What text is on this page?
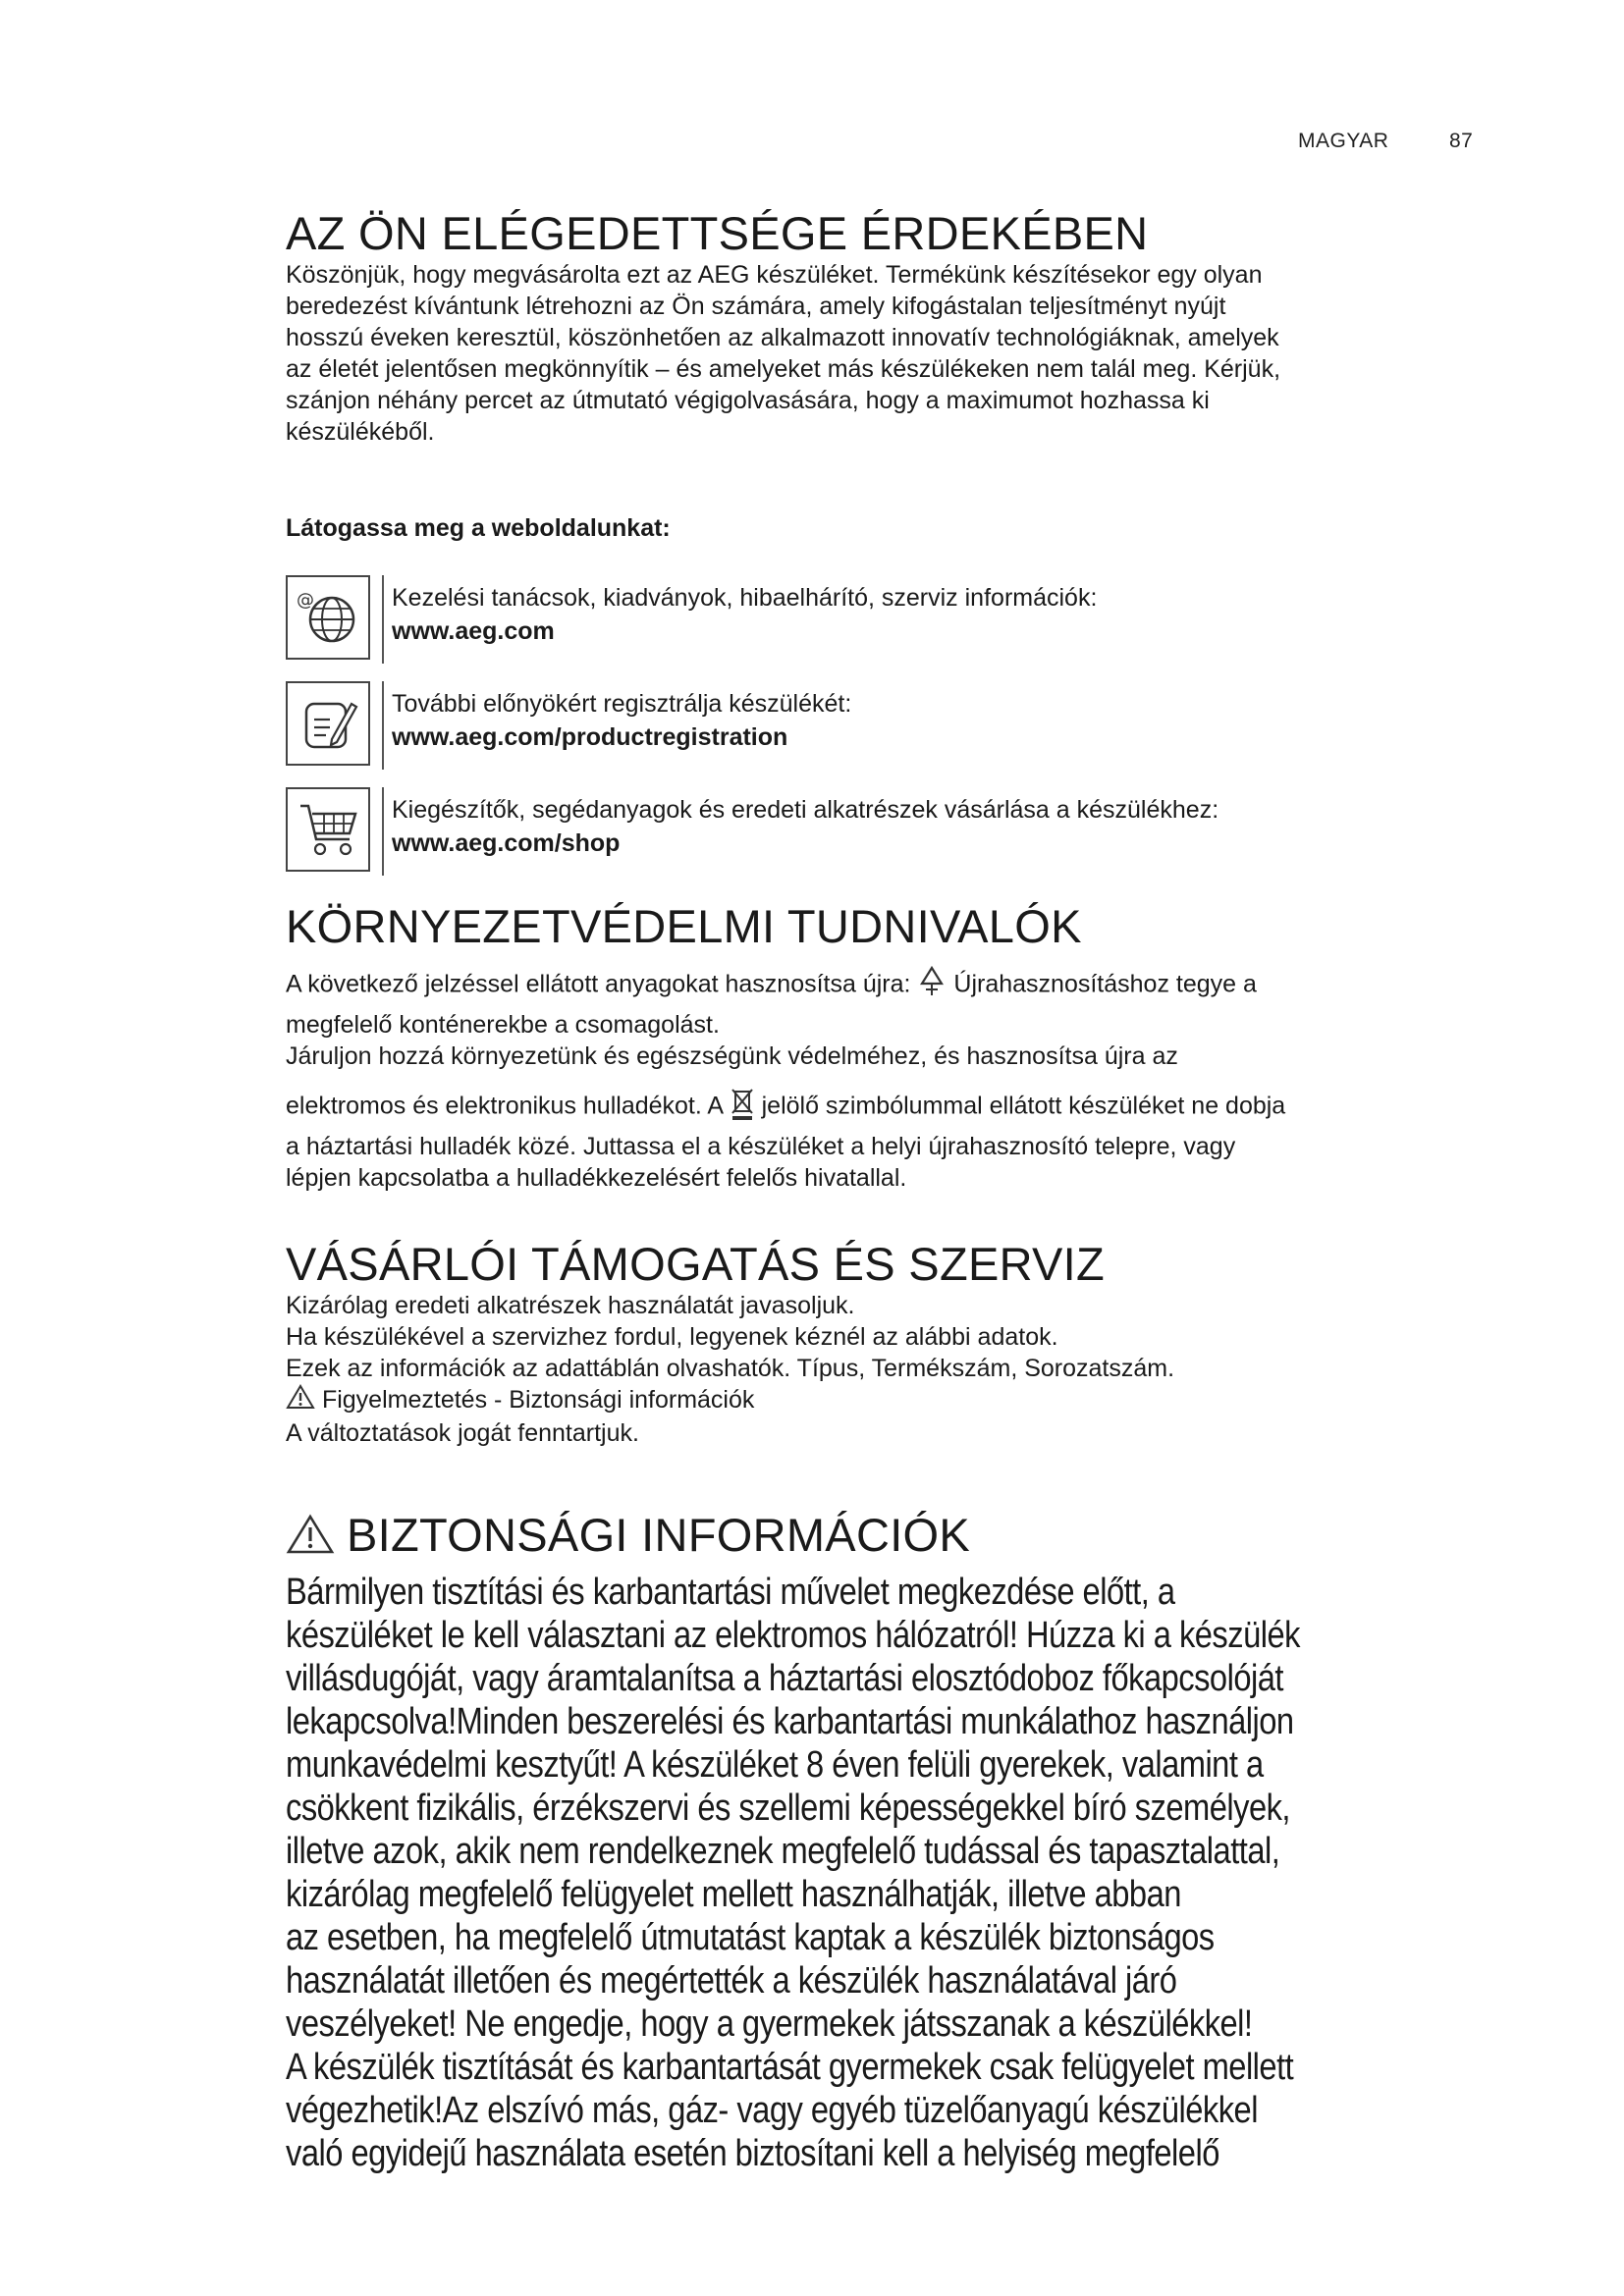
MAGYAR	87
AZ ÖN ELÉGEDETTSÉGE ÉRDEKÉBEN

Köszönjük, hogy megvásárolta ezt az AEG készüléket. Termékünk készítésekor egy olyan

beredezést kívántunk létrehozni az Ön számára, amely kifogástalan teljesítményt nyújt

hosszú éveken keresztül, köszönhetően az alkalmazott innovatív technológiáknak, amelyek

az életét jelentősen megkönnyítik – és amelyeket más készülékeken nem talál meg. Kérjük,

szánjon néhány percet az útmutató végigolvasására, hogy a maximumot hozhassa ki

készülékéből.

Látogassa meg a weboldalunkat:
@	Kezelési tanácsok, kiadványok, hibaelhárító, szerviz információk:
www.aeg.com
További előnyökért regisztrálja készülékét:
www.aeg.com/productregistration
Kiegészítők, segédanyagok és eredeti alkatrészek vásárlása a készülékhez:
www.aeg.com/shop
KÖRNYEZETVÉDELMI TUDNIVALÓK

A következő jelzéssel ellátott anyagokat hasznosítsa újra: Újrahasznosításhoz tegye a

megfelelő konténerekbe a csomagolást.

Járuljon hozzá környezetünk és egészségünk védelméhez, és hasznosítsa újra az

elektromos és elektronikus hulladékot. A jelölő szimbólummal ellátott készüléket ne dobja

a háztartási hulladék közé. Juttassa el a készüléket a helyi újrahasznosító telepre, vagy

lépjen kapcsolatba a hulladékkezelésért felelős hivatallal.

VÁSÁRLÓI TÁMOGATÁS ÉS SZERVIZ

Kizárólag eredeti alkatrészek használatát javasoljuk.

Ha készülékével a szervizhez fordul, legyenek kéznél az alábbi adatok.

Ezek az információk az adattáblán olvashatók. Típus, Termékszám, Sorozatszám.

Figyelmeztetés - Biztonsági információk

A változtatások jogát fenntartjuk.

BIZTONSÁGI INFORMÁCIÓK
Bármilyen tisztítási és karbantartási művelet megkezdése előtt, a
készüléket le kell választani az elektromos hálózatról! Húzza ki a készülék
villásdugóját, vagy áramtalanítsa a háztartási elosztódoboz főkapcsolóját
lekapcsolva!Minden beszerelési és karbantartási munkálathoz használjon
munkavédelmi kesztyűt! A készüléket 8 éven felüli gyerekek, valamint a
csökkent fizikális, érzékszervi és szellemi képességekkel bíró személyek,
illetve azok, akik nem rendelkeznek megfelelő tudással és tapasztalattal,
kizárólag megfelelő felügyelet mellett használhatják, illetve abban
az esetben, ha megfelelő útmutatást kaptak a készülék biztonságos
használatát illetően és megértették a készülék használatával járó
veszélyeket! Ne engedje, hogy a gyermekek játsszanak a készülékkel!
A készülék tisztítását és karbantartását gyermekek csak felügyelet mellett
végezhetik!Az elszívó más, gáz- vagy egyéb tüzelőanyagú készülékkel
való egyidejű használata esetén biztosítani kell a helyiség megfelelő
